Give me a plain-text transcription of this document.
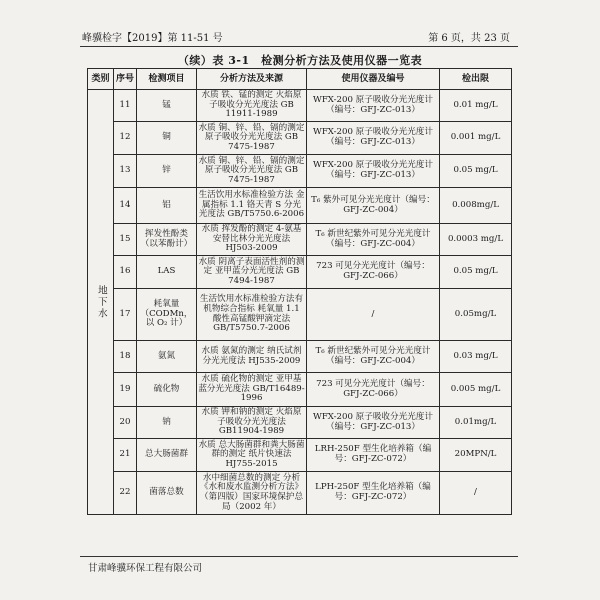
峰骥检字【2019】第 11-51 号	第 6 页，共 23 页
（续）表 3-1　检测分析方法及使用仪器一览表
类别	序号	检测项目	分析方法及来源	使用仪器及编号	检出限
地下水	11	锰	水质 铁、锰的测定 火焰原子吸收分光光度法 GB 11911-1989	WFX-200 原子吸收分光光度计（编号：GFJ-ZC-013）	0.01 mg/L
	12	铜	水质 铜、锌、铅、镉的测定 原子吸收分光光度法 GB 7475-1987	WFX-200 原子吸收分光光度计（编号：GFJ-ZC-013）	0.001 mg/L
	13	锌	水质 铜、锌、铅、镉的测定 原子吸收分光光度法 GB 7475-1987	WFX-200 原子吸收分光光度计（编号：GFJ-ZC-013）	0.05 mg/L
	14	铝	生活饮用水标准检验方法 金属指标 1.1 铬天青 S 分光光度法 GB/T5750.6-2006	T₆ 紫外可见分光光度计（编号：GFJ-ZC-004）	0.008mg/L
	15	挥发性酚类（以苯酚计）	水质 挥发酚的测定 4-氨基安替比林分光光度法 HJ503-2009	T₆ 新世纪紫外可见分光光度计（编号：GFJ-ZC-004）	0.0003 mg/L
	16	LAS	水质 阴离子表面活性剂的测定 亚甲蓝分光光度法 GB 7494-1987	723 可见分光光度计（编号：GFJ-ZC-066）	0.05 mg/L
	17	耗氧量（CODMn，以 O₂ 计）	生活饮用水标准检验方法有机物综合指标 耗氧量 1.1 酸性高锰酸钾滴定法 GB/T5750.7-2006	/	0.05mg/L
	18	氨氮	水质 氨氮的测定 纳氏试剂分光光度法 HJ535-2009	T₆ 新世纪紫外可见分光光度计（编号：GFJ-ZC-004）	0.03 mg/L
	19	硫化物	水质 硫化物的测定 亚甲基蓝分光光度法 GB/T16489-1996	723 可见分光光度计（编号：GFJ-ZC-066）	0.005 mg/L
	20	钠	水质 钾和钠的测定 火焰原子吸收分光光度法 GB11904-1989	WFX-200 原子吸收分光光度计（编号：GFJ-ZC-013）	0.01mg/L
	21	总大肠菌群	水质 总大肠菌群和粪大肠菌群的测定 纸片快速法 HJ755-2015	LRH-250F 型生化培养箱（编号：GFJ-ZC-072）	20MPN/L
	22	菌落总数	水中细菌总数的测定 分析《水和废水监测分析方法》（第四版）国家环境保护总局（2002 年）	LPH-250F 型生化培养箱（编号：GFJ-ZC-072）	/
甘肃峰骥环保工程有限公司
